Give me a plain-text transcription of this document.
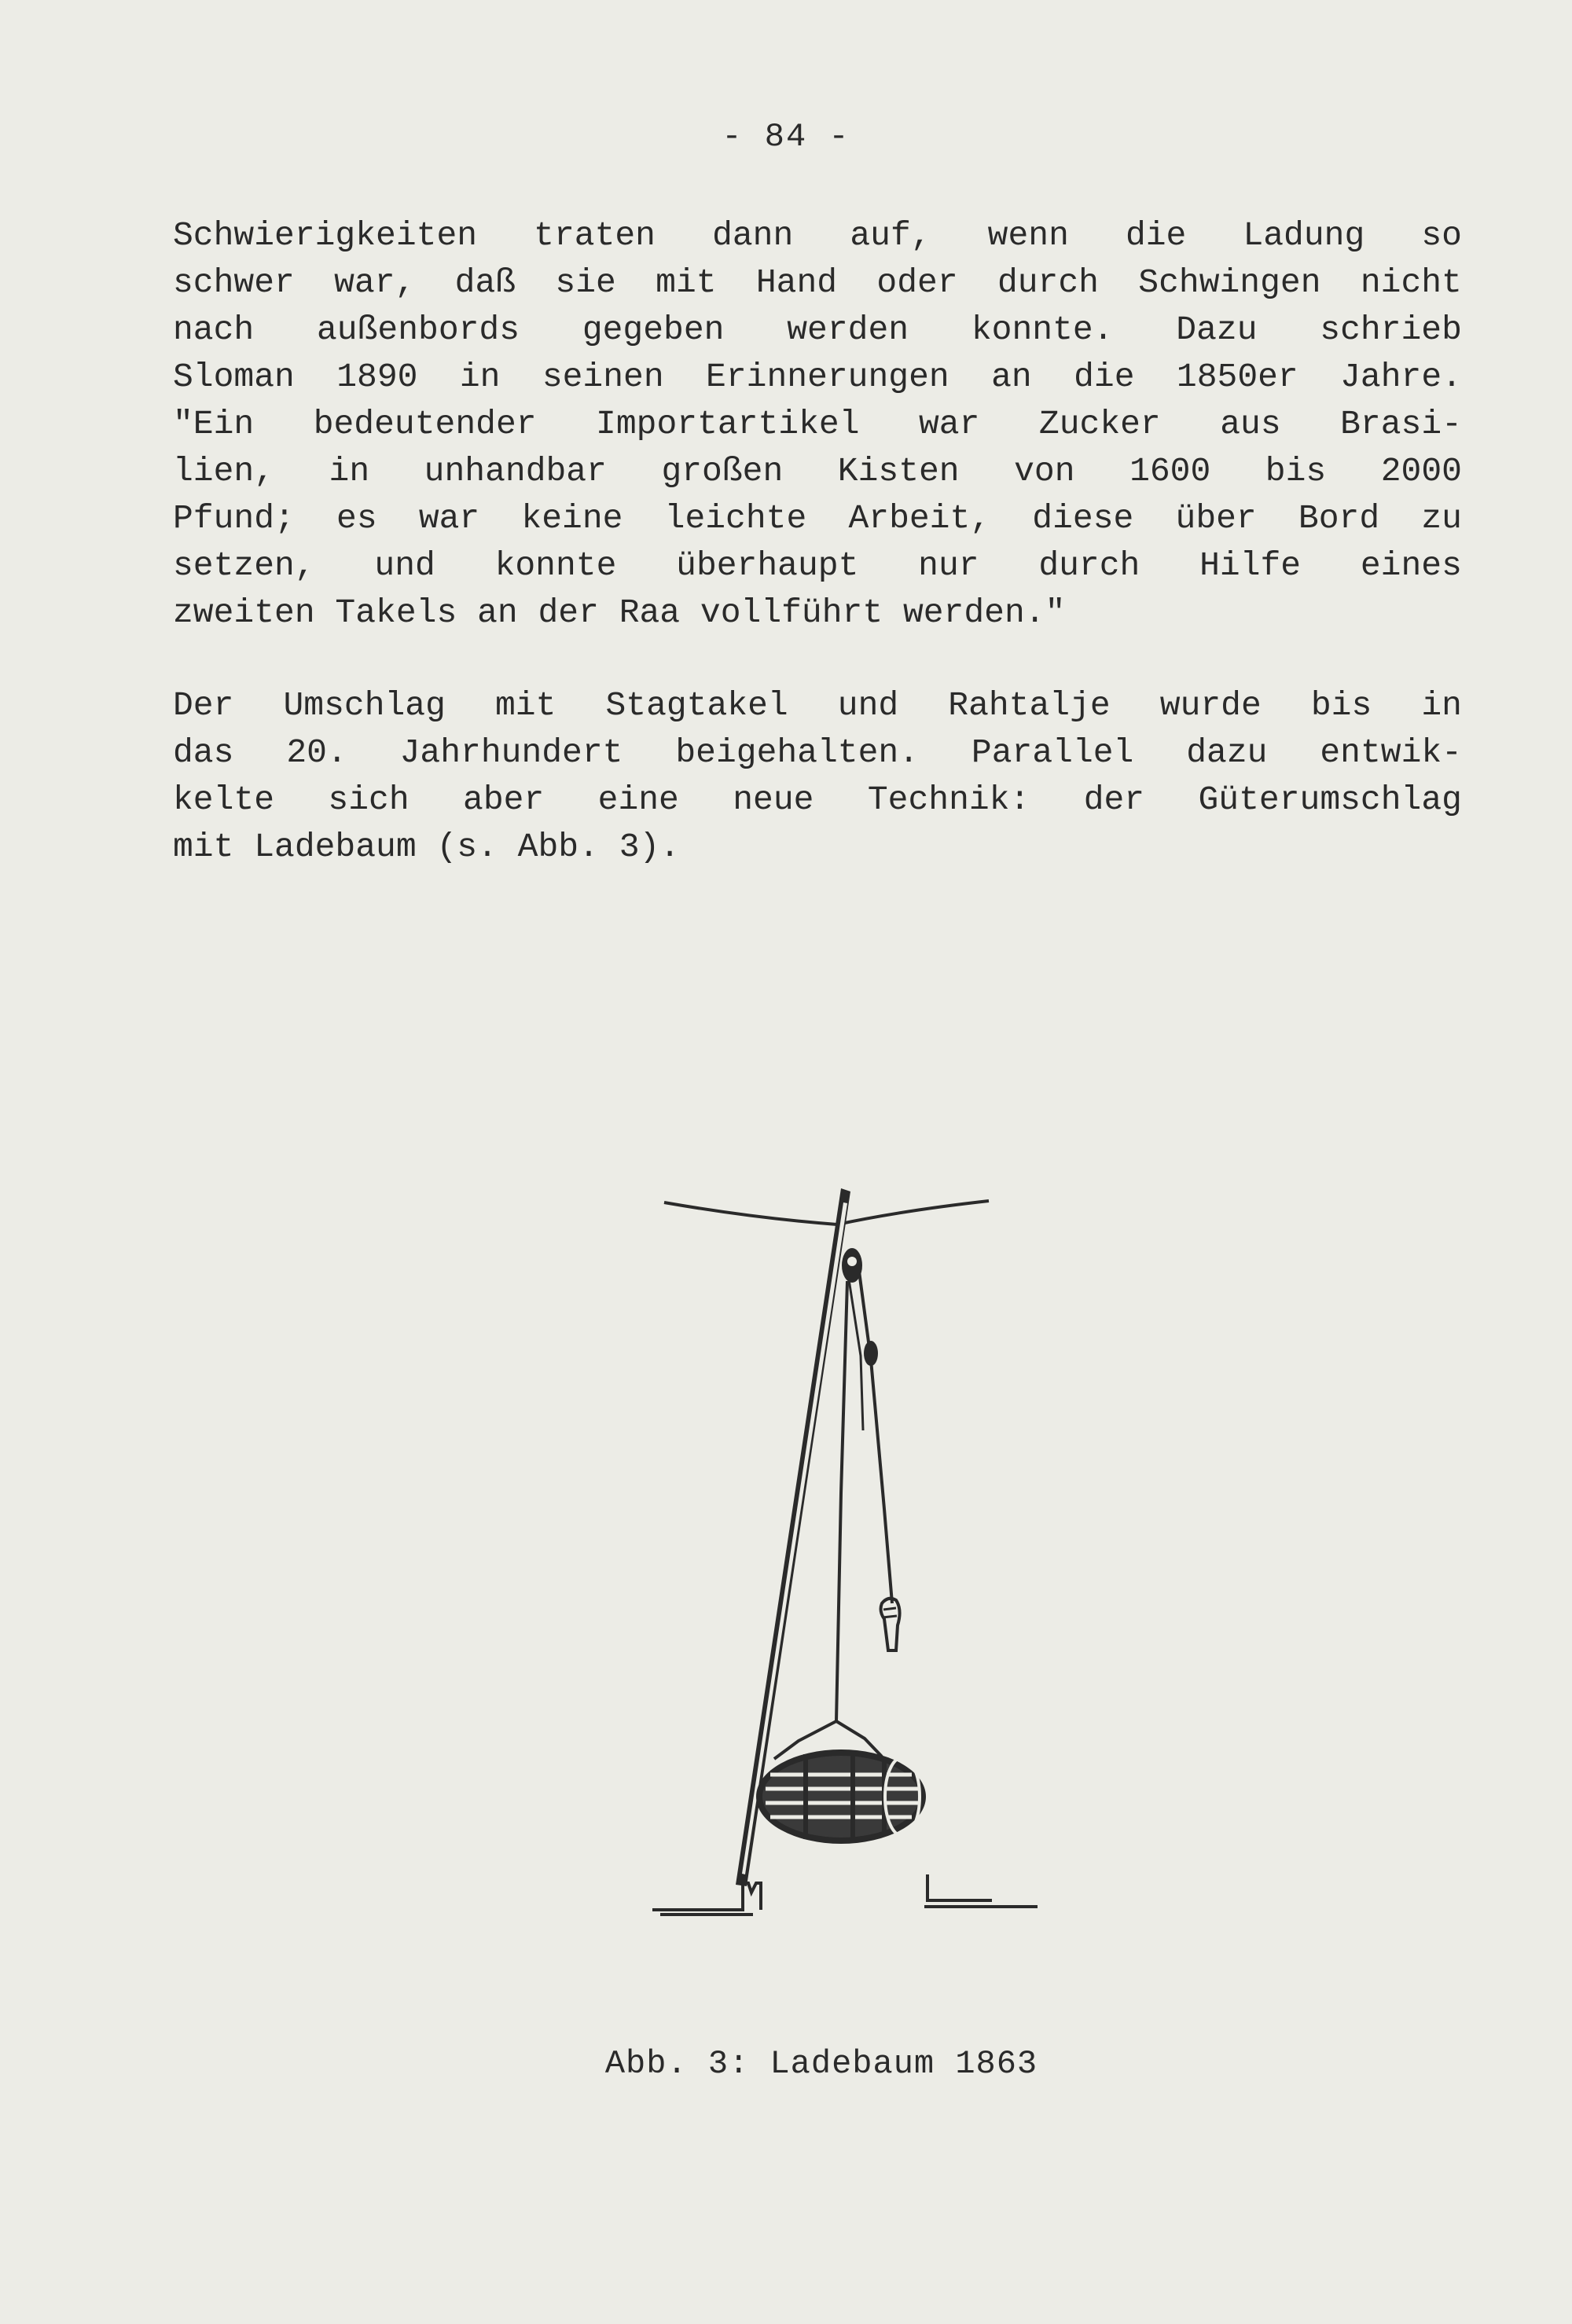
- 84 -
Schwierigkeiten traten dann auf, wenn die Ladung so
schwer war, daß sie mit Hand oder durch Schwingen nicht
nach außenbords gegeben werden konnte. Dazu schrieb
Sloman 1890 in seinen Erinnerungen an die 1850er Jahre.
"Ein bedeutender Importartikel war Zucker aus Brasi-
lien, in unhandbar großen Kisten von 1600 bis 2000
Pfund; es war keine leichte Arbeit, diese über Bord zu
setzen, und konnte überhaupt nur durch Hilfe eines
zweiten Takels an der Raa vollführt werden."
Der Umschlag mit Stagtakel und Rahtalje wurde bis in
das 20. Jahrhundert beigehalten. Parallel dazu entwik-
kelte sich aber eine neue Technik: der Güterumschlag
mit Ladebaum (s. Abb. 3).
Abb. 3: Ladebaum 1863
